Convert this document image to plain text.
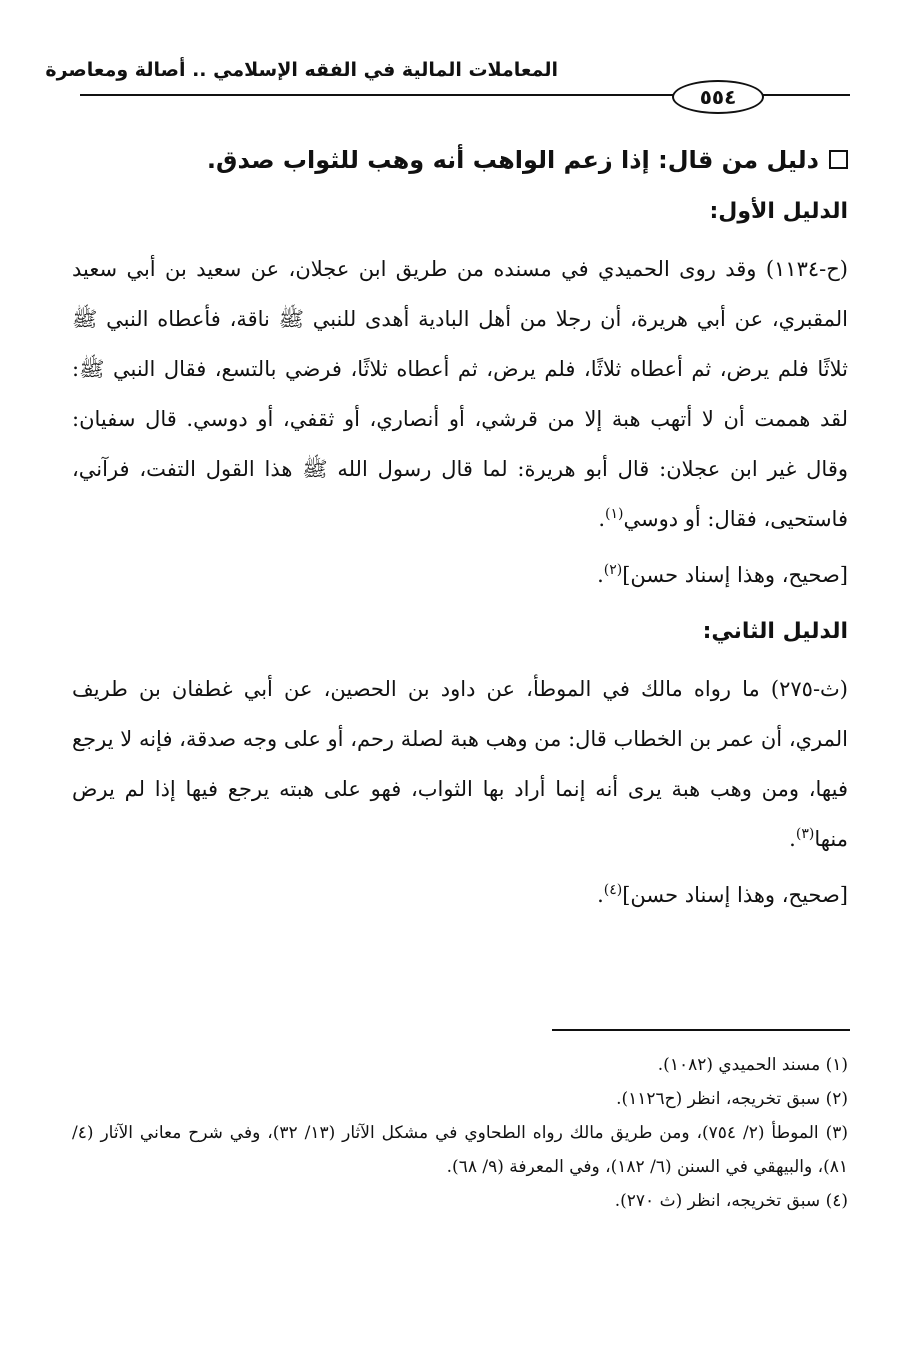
المعاملات المالية في الفقه الإسلامي .. أصالة ومعاصرة
٥٥٤
دليل من قال: إذا زعم الواهب أنه وهب للثواب صدق.
الدليل الأول:

(ح-١١٣٤) وقد روى الحميدي في مسنده من طريق ابن عجلان، عن سعيد بن أبي سعيد المقبري، عن أبي هريرة، أن رجلا من أهل البادية أهدى للنبي ﷺ ناقة، فأعطاه النبي ﷺ ثلاثًا فلم يرض، ثم أعطاه ثلاثًا، فلم يرض، ثم أعطاه ثلاثًا، فرضي بالتسع، فقال النبي ﷺ: لقد هممت أن لا أتهب هبة إلا من قرشي، أو أنصاري، أو ثقفي، أو دوسي. قال سفيان: وقال غير ابن عجلان: قال أبو هريرة: لما قال رسول الله ﷺ هذا القول التفت، فرآني، فاستحيى، فقال: أو دوسي$^{(١)}$.

[صحيح، وهذا إسناد حسن]$^{(٢)}$.

الدليل الثاني:

(ث-٢٧٥) ما رواه مالك في الموطأ، عن داود بن الحصين، عن أبي غطفان بن طريف المري، أن عمر بن الخطاب قال: من وهب هبة لصلة رحم، أو على وجه صدقة، فإنه لا يرجع فيها، ومن وهب هبة يرى أنه إنما أراد بها الثواب، فهو على هبته يرجع فيها إذا لم يرض منها$^{(٣)}$.

[صحيح، وهذا إسناد حسن]$^{(٤)}$.

(١) مسند الحميدي (١٠٨٢).

(٢) سبق تخريجه، انظر (ح١١٢٦).

(٣) الموطأ (٢/ ٧٥٤)، ومن طريق مالك رواه الطحاوي في مشكل الآثار (١٣/ ٣٢)، وفي شرح معاني الآثار (٤/ ٨١)، والبيهقي في السنن (٦/ ١٨٢)، وفي المعرفة (٩/ ٦٨).

(٤) سبق تخريجه، انظر (ث ٢٧٠).
